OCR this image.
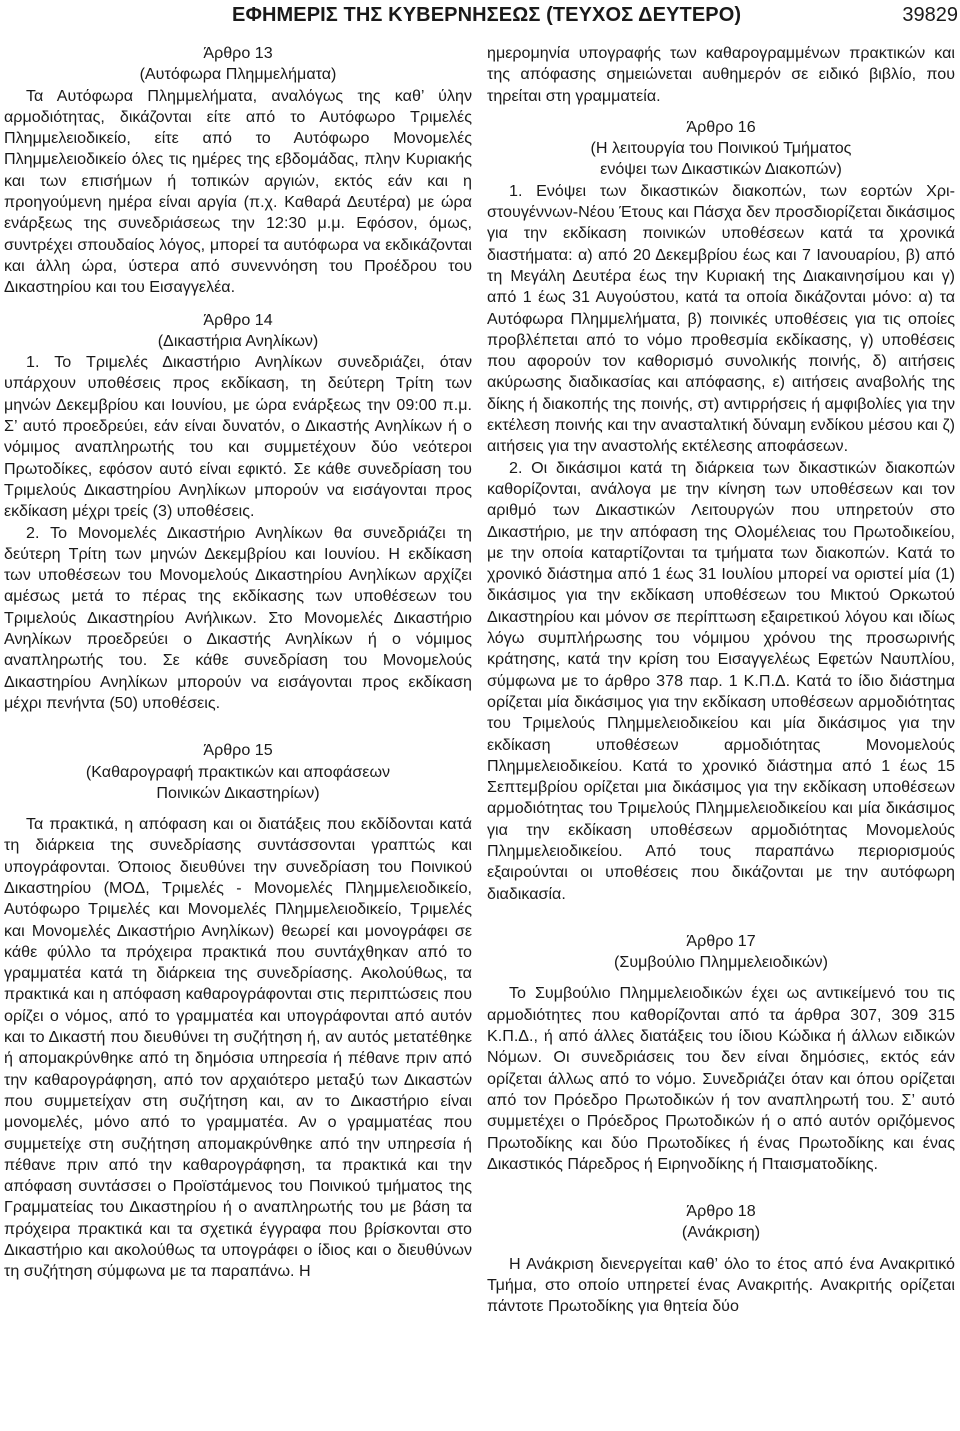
ΕΦΗΜΕΡΙΣ ΤΗΣ ΚΥΒΕΡΝΗΣΕΩΣ (ΤΕΥΧΟΣ ΔΕΥΤΕΡΟ)	39829
Άρθρο 13
(Αυτόφωρα Πλημμελήματα)

Τα Αυτόφωρα Πλημμελήματα, αναλόγως της καθ’ ύλην αρμοδιότητας, δικάζονται είτε από το Αυτόφωρο Τριμελές Πλημμελειοδικείο, είτε από το Αυτόφωρο Μονομελές Πλημμελειοδικείο όλες τις ημέρες της εβδομάδας, πλην Κυριακής και των επισήμων ή τοπικών αργιών, εκτός εάν και η προηγούμενη ημέρα είναι αργία (π.χ. Καθαρά Δευτέρα) με ώρα ενάρξεως της συνεδριάσεως την 12:30 μ.μ. Εφόσον, όμως, συντρέχει σπουδαίος λόγος, μπορεί τα αυτόφωρα να εκδικάζονται και άλλη ώρα, ύστερα από συνεννόηση του Προέδρου του Δικαστηρίου και του Εισαγγελέα.

Άρθρο 14
(Δικαστήρια Ανηλίκων)

1. Το Τριμελές Δικαστήριο Ανηλίκων συνεδριάζει, όταν υπάρχουν υποθέσεις προς εκδίκαση, τη δεύτερη Τρίτη των μηνών Δεκεμβρίου και Ιουνίου, με ώρα ενάρξεως την 09:00 π.μ. Σ’ αυτό προεδρεύει, εάν είναι δυνατόν, ο Δικαστής Ανηλίκων ή ο νόμιμος αναπληρωτής του και συμμετέχουν δύο νεότεροι Πρωτοδίκες, εφόσον αυτό είναι εφικτό. Σε κάθε συνεδρίαση του Τριμελούς Δικαστηρίου Ανηλίκων μπορούν να εισάγονται προς εκδίκαση μέχρι τρείς (3) υποθέσεις.

2. Το Μονομελές Δικαστήριο Ανηλίκων θα συνεδριάζει τη δεύτερη Τρίτη των μηνών Δεκεμβρίου και Ιουνίου. Η εκδίκαση των υποθέσεων του Μονομελούς Δικαστηρίου Ανηλίκων αρχίζει αμέσως μετά το πέρας της εκδίκασης των υποθέσεων του Τριμελούς Δικαστηρίου Ανήλικων. Στο Μονομελές Δικαστήριο Ανηλίκων προεδρεύει ο Δικαστής Ανηλίκων ή ο νόμιμος αναπληρωτής του. Σε κάθε συνεδρίαση του Μονομελούς Δικαστηρίου Ανηλίκων μπορούν να εισάγονται προς εκδίκαση μέχρι πενήντα (50) υποθέσεις.

Άρθρο 15
(Καθαρογραφή πρακτικών και αποφάσεων
Ποινικών Δικαστηρίων)

Τα πρακτικά, η απόφαση και οι διατάξεις που εκδίδονται κατά τη διάρκεια της συνεδρίασης συντάσσονται γραπτώς και υπογράφονται. Όποιος διευθύνει την συνεδρίαση του Ποινικού Δικαστηρίου (ΜΟΔ, Τριμελές - Μονομελές Πλημμελειοδικείο, Αυτόφωρο Τριμελές και Μονομελές Πλημμελειοδικείο, Τριμελές και Μονομελές Δικαστήριο Ανηλίκων) θεωρεί και μονογράφει σε κάθε φύλλο τα πρόχειρα πρακτικά που συντάχθηκαν από το γραμματέα κατά τη διάρκεια της συνεδρίασης. Ακολούθως, τα πρακτικά και η απόφαση καθαρογράφονται στις περιπτώσεις που ορίζει ο νόμος, από το γραμματέα και υπογράφονται από αυτόν και το Δικαστή που διευθύνει τη συζήτηση ή, αν αυτός μετατέθηκε ή απομακρύνθηκε από τη δημόσια υπηρεσία ή πέθανε πριν από την καθαρογράφηση, από τον αρχαιότερο μεταξύ των Δικαστών που συμμετείχαν στη συζήτηση και, αν το Δικαστήριο είναι μονομελές, μόνο από το γραμματέα. Αν ο γραμματέας που συμμετείχε στη συζήτηση απομακρύνθηκε από την υπηρεσία ή πέθανε πριν από την καθαρογράφηση, τα πρακτικά και την απόφαση συντάσσει ο Προϊστάμενος του Ποινικού τμήματος της Γραμματείας του Δικαστηρίου ή ο αναπληρωτής του με βάση τα πρόχειρα πρακτικά και τα σχετικά έγγραφα που βρίσκονται στο Δικαστήριο και ακολούθως τα υπογράφει ο ίδιος και ο διευθύνων τη συζήτηση σύμφωνα με τα παραπάνω. Η

ημερομηνία υπογραφής των καθαρογραμμένων πρακτικών και της απόφασης σημειώνεται αυθημερόν σε ειδικό βιβλίο, που τηρείται στη γραμματεία.

Άρθρο 16
(Η λειτουργία του Ποινικού Τμήματος
ενόψει των Δικαστικών Διακοπών)

1. Ενόψει των δικαστικών διακοπών, των εορτών Χριστουγέννων-Νέου Έτους και Πάσχα δεν προσδιορίζεται δικάσιμος για την εκδίκαση ποινικών υποθέσεων κατά τα χρονικά διαστήματα: α) από 20 Δεκεμβρίου έως και 7 Ιανουαρίου, β) από τη Μεγάλη Δευτέρα έως την Κυριακή της Διακαινησίμου και γ) από 1 έως 31 Αυγούστου, κατά τα οποία δικάζονται μόνο: α) τα Αυτόφωρα Πλημμελήματα, β) ποινικές υποθέσεις για τις οποίες προβλέπεται από το νόμο προθεσμία εκδίκασης, γ) υποθέσεις που αφορούν τον καθορισμό συνολικής ποινής, δ) αιτήσεις ακύρωσης διαδικασίας και απόφασης, ε) αιτήσεις αναβολής της δίκης ή διακοπής της ποινής, στ) αντιρρήσεις ή αμφιβολίες για την εκτέλεση ποινής και την ανασταλτική δύναμη ενδίκου μέσου και ζ) αιτήσεις για την αναστολής εκτέλεσης αποφάσεων.

2. Οι δικάσιμοι κατά τη διάρκεια των δικαστικών διακοπών καθορίζονται, ανάλογα με την κίνηση των υποθέσεων και τον αριθμό των Δικαστικών Λειτουργών που υπηρετούν στο Δικαστήριο, με την απόφαση της Ολομέλειας του Πρωτοδικείου, με την οποία καταρτίζονται τα τμήματα των διακοπών. Κατά το χρονικό διάστημα από 1 έως 31 Ιουλίου μπορεί να οριστεί μία (1) δικάσιμος για την εκδίκαση υποθέσεων του Μικτού Ορκωτού Δικαστηρίου και μόνον σε περίπτωση εξαιρετικού λόγου και ιδίως λόγω συμπλήρωσης του νόμιμου χρόνου της προσωρινής κράτησης, κατά την κρίση του Εισαγγελέως Εφετών Ναυπλίου, σύμφωνα με το άρθρο 378 παρ. 1 Κ.Π.Δ. Κατά το ίδιο διάστημα ορίζεται μία δικάσιμος για την εκδίκαση υποθέσεων αρμοδιότητας του Τριμελούς Πλημμελειοδικείου και μία δικάσιμος για την εκδίκαση υποθέσεων αρμοδιότητας Μονομελούς Πλημμελειοδικείου. Κατά το χρονικό διάστημα από 1 έως 15 Σεπτεμβρίου ορίζεται μια δικάσιμος για την εκδίκαση υποθέσεων αρμοδιότητας του Τριμελούς Πλημμελειοδικείου και μία δικάσιμος για την εκδίκαση υποθέσεων αρμοδιότητας Μονομελούς Πλημμελειοδικείου. Από τους παραπάνω περιορισμούς εξαιρούνται οι υποθέσεις που δικάζονται με την αυτόφωρη διαδικασία.

Άρθρο 17
(Συμβούλιο Πλημμελειοδικών)

Το Συμβούλιο Πλημμελειοδικών έχει ως αντικείμενό του τις αρμοδιότητες που καθορίζονται από τα άρθρα 307, 309 315 Κ.Π.Δ., ή από άλλες διατάξεις του ίδιου Κώδικα ή άλλων ειδικών Νόμων. Οι συνεδριάσεις του δεν είναι δημόσιες, εκτός εάν ορίζεται άλλως από το νόμο. Συνεδριάζει όταν και όπου ορίζεται από τον Πρόεδρο Πρωτοδικών ή τον αναπληρωτή του. Σ’ αυτό συμμετέχει ο Πρόεδρος Πρωτοδικών ή ο από αυτόν οριζόμενος Πρωτοδίκης και δύο Πρωτοδίκες ή ένας Πρωτοδίκης και ένας Δικαστικός Πάρεδρος ή Ειρηνοδίκης ή Πταισματοδίκης.

Άρθρο 18
(Ανάκριση)

Η Ανάκριση διενεργείται καθ’ όλο το έτος από ένα Ανακριτικό Τμήμα, στο οποίο υπηρετεί ένας Ανακριτής. Ανακριτής ορίζεται πάντοτε Πρωτοδίκης για θητεία δύο
